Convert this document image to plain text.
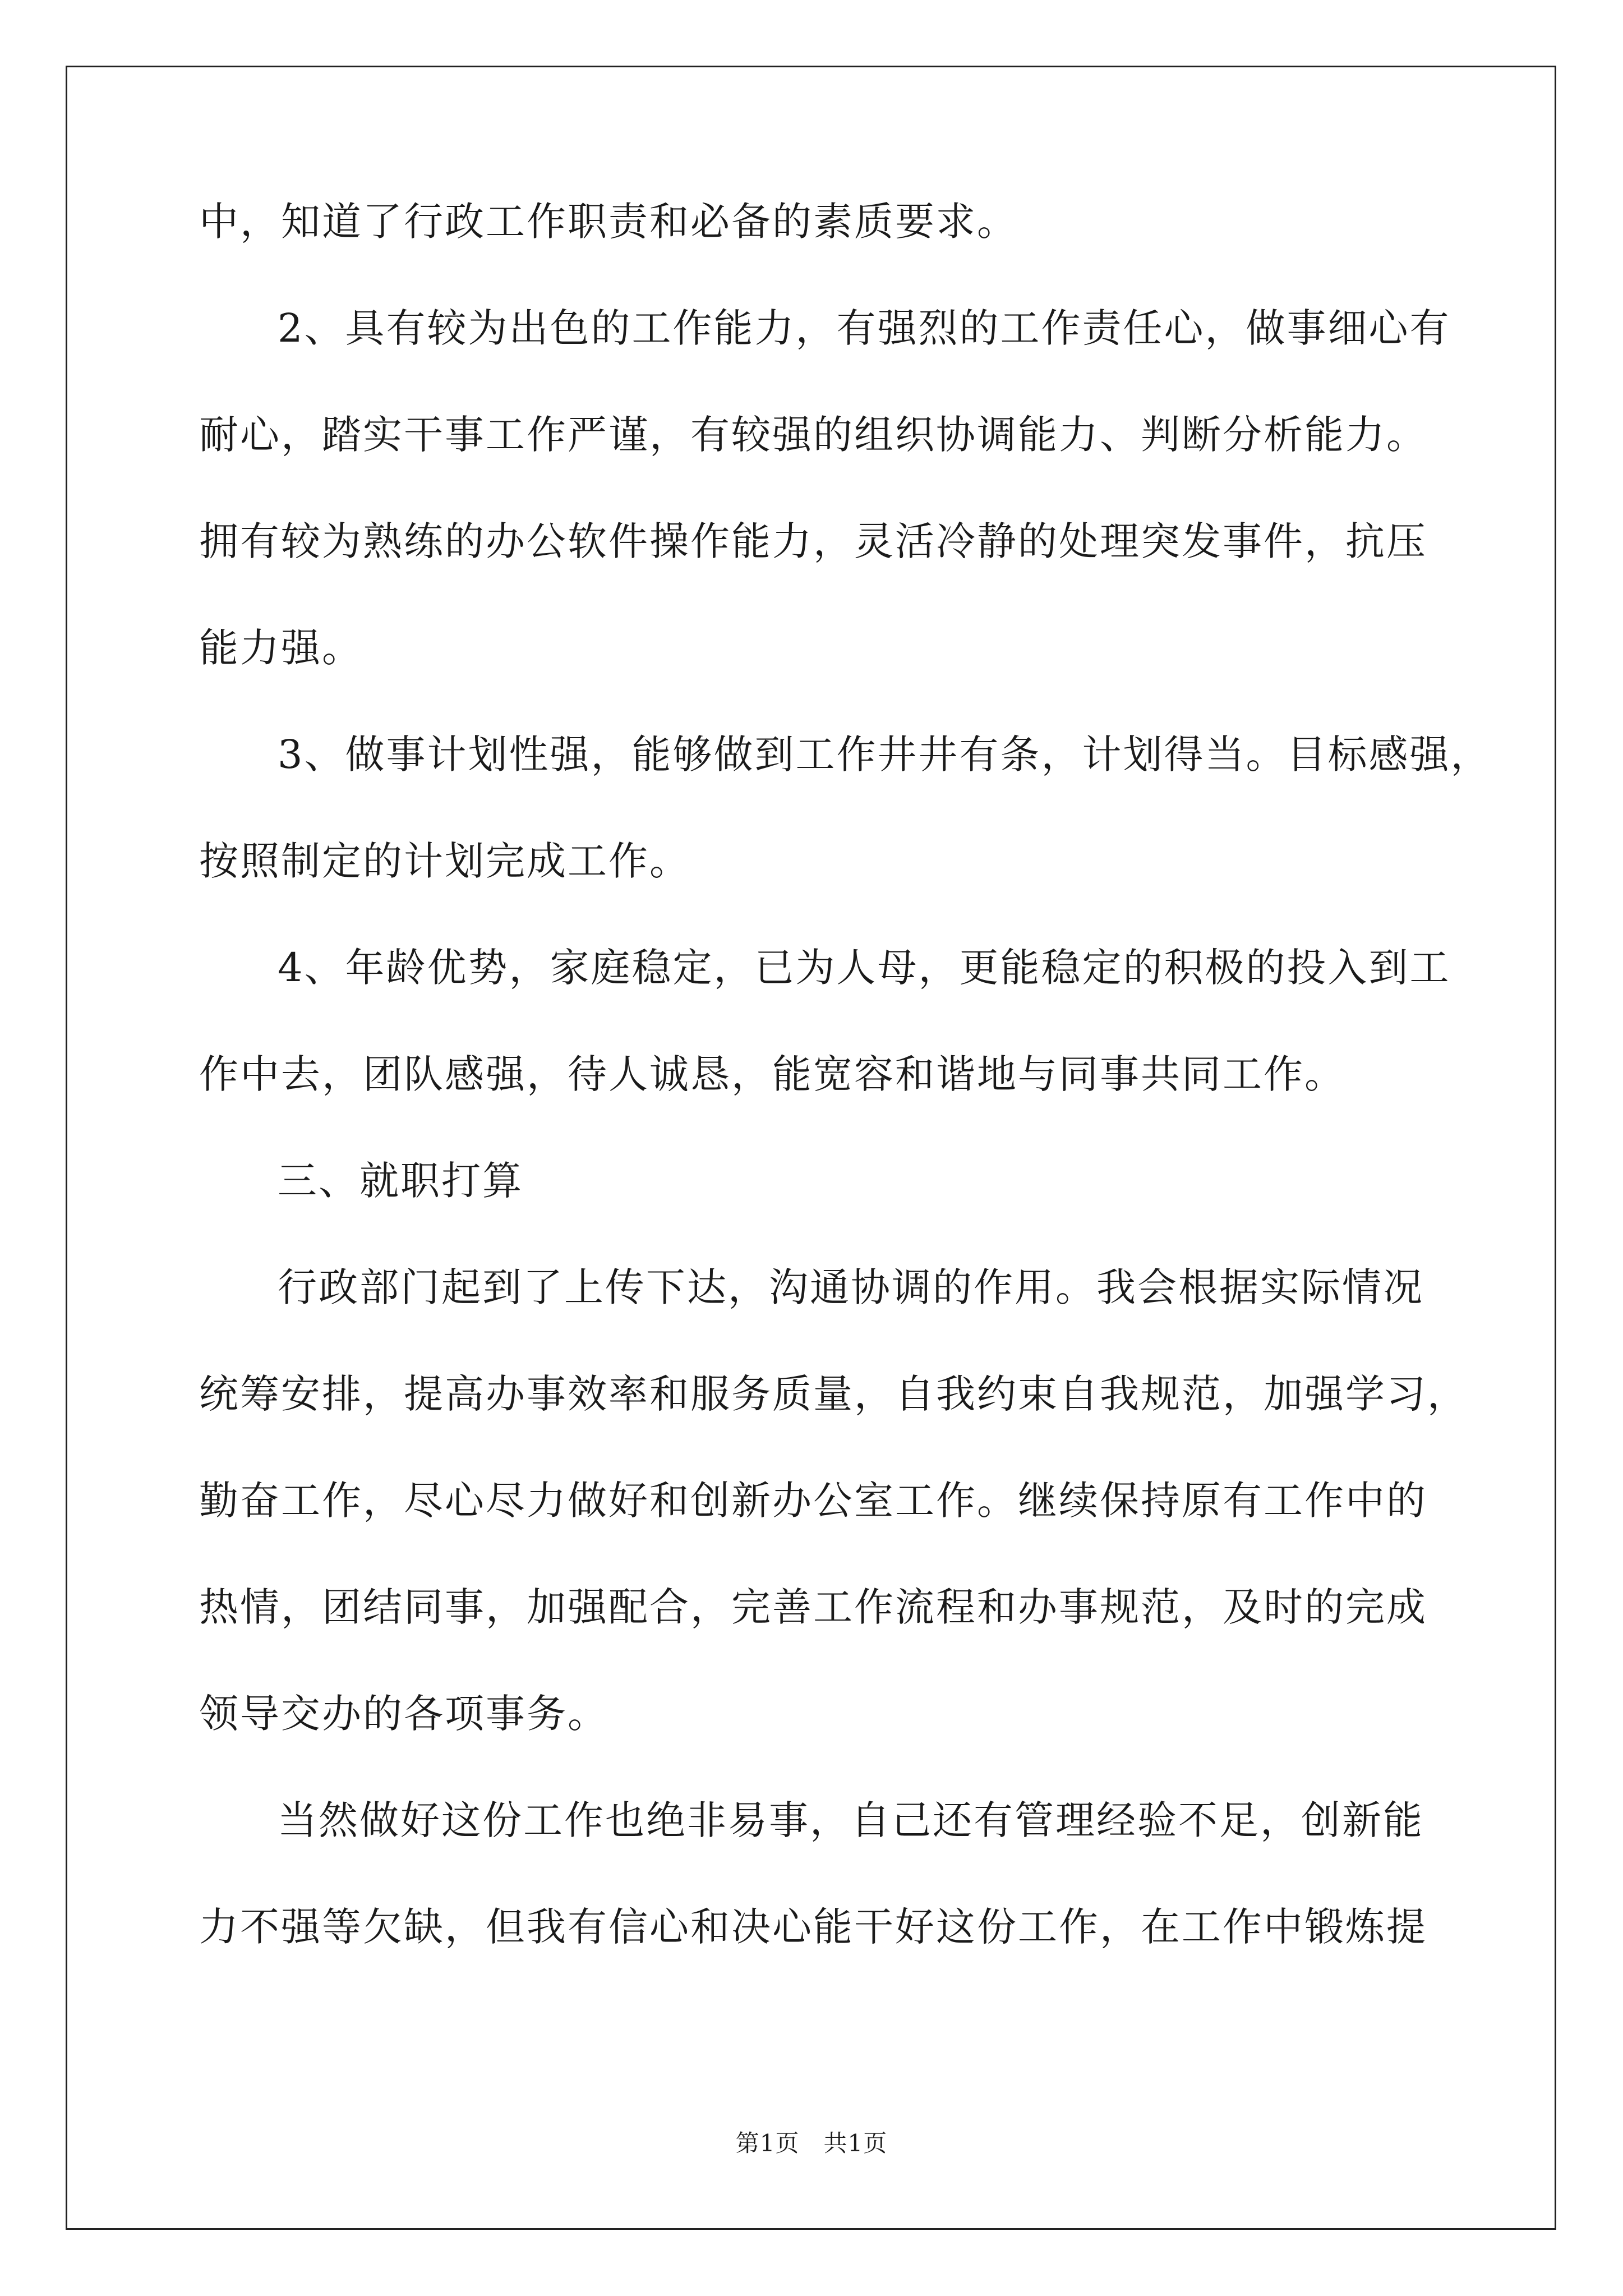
中，知道了行政工作职责和必备的素质要求。
2、具有较为出色的工作能力，有强烈的工作责任心，做事细心有
耐心，踏实干事工作严谨，有较强的组织协调能力、判断分析能力。
拥有较为熟练的办公软件操作能力，灵活冷静的处理突发事件，抗压
能力强。
3、做事计划性强，能够做到工作井井有条，计划得当。目标感强，
按照制定的计划完成工作。
4、年龄优势，家庭稳定，已为人母，更能稳定的积极的投入到工
作中去，团队感强，待人诚恳，能宽容和谐地与同事共同工作。
三、就职打算
行政部门起到了上传下达，沟通协调的作用。我会根据实际情况
统筹安排，提高办事效率和服务质量，自我约束自我规范，加强学习，
勤奋工作，尽心尽力做好和创新办公室工作。继续保持原有工作中的
热情，团结同事，加强配合，完善工作流程和办事规范，及时的完成
领导交办的各项事务。
当然做好这份工作也绝非易事，自己还有管理经验不足，创新能
力不强等欠缺，但我有信心和决心能干好这份工作，在工作中锻炼提
第1页　共1页
